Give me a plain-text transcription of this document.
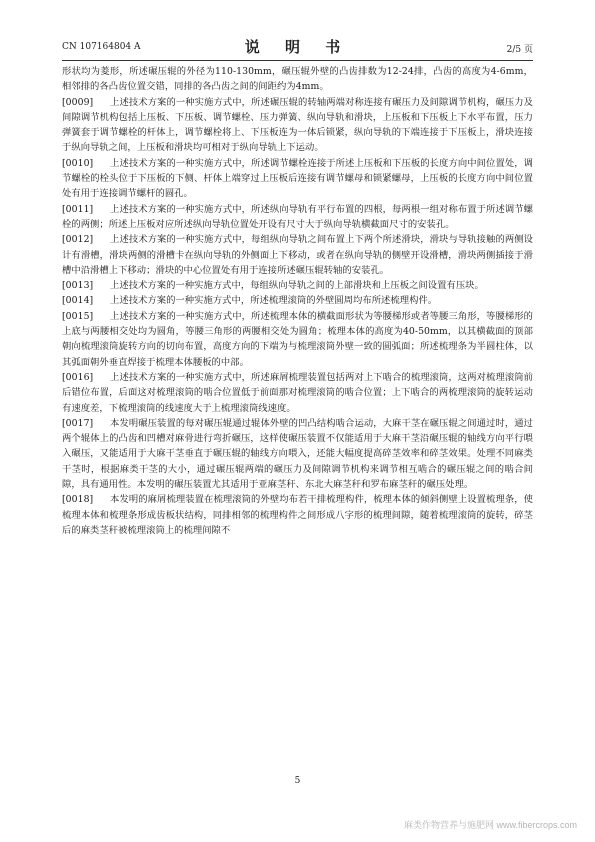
CN 107164804 A	说 明 书	2/5 页

形状均为菱形，所述碾压辊的外径为110-130mm，碾压辊外壁的凸齿排数为12-24排，凸齿的高度为4-6mm，相邻排的各凸齿位置交错，同排的各凸齿之间的间距约为4mm。

[0009] 上述技术方案的一种实施方式中，所述碾压辊的转轴两端对称连接有碾压力及间隙调节机构，碾压力及间隙调节机构包括上压板、下压板、调节螺栓、压力弹簧、纵向导轨和滑块，上压板和下压板上下水平布置，压力弹簧套于调节螺栓的杆体上，调节螺栓将上、下压板连为一体后锁紧，纵向导轨的下端连接于下压板上，滑块连接于纵向导轨之间，上压板和滑块均可相对于纵向导轨上下运动。

[0010] 上述技术方案的一种实施方式中，所述调节螺栓连接于所述上压板和下压板的长度方向中间位置处，调节螺栓的栓头位于下压板的下侧、杆体上端穿过上压板后连接有调节螺母和锁紧螺母，上压板的长度方向中间位置处有用于连接调节螺杆的圆孔。

[0011] 上述技术方案的一种实施方式中，所述纵向导轨有平行布置的四根，每两根一组对称布置于所述调节螺栓的两侧；所述上压板对应所述纵向导轨位置处开设有尺寸大于纵向导轨横截面尺寸的安装孔。

[0012] 上述技术方案的一种实施方式中，每组纵向导轨之间布置上下两个所述滑块，滑块与导轨接触的两侧设计有滑槽，滑块两侧的滑槽卡在纵向导轨的外侧面上下移动，或者在纵向导轨的侧壁开设滑槽，滑块两侧插接于滑槽中沿滑槽上下移动；滑块的中心位置处有用于连接所述碾压辊转轴的安装孔。

[0013] 上述技术方案的一种实施方式中，每组纵向导轨之间的上部滑块和上压板之间设置有压块。

[0014] 上述技术方案的一种实施方式中，所述梳理滚筒的外壁圆周均布所述梳理构件。

[0015] 上述技术方案的一种实施方式中，所述梳理本体的横截面形状为等腰梯形或者等腰三角形，等腰梯形的上底与两腰相交处均为圆角，等腰三角形的两腰相交处为圆角；梳理本体的高度为40-50mm，以其横截面的顶部朝向梳理滚筒旋转方向的切向布置，高度方向的下端为与梳理滚筒外壁一致的圆弧面；所述梳理条为半圆柱体，以其弧面朝外垂直焊接于梳理本体腰板的中部。

[0016] 上述技术方案的一种实施方式中，所述麻屑梳理装置包括两对上下啮合的梳理滚筒，这两对梳理滚筒前后错位布置，后面这对梳理滚筒的啮合位置低于前面那对梳理滚筒的啮合位置；上下啮合的两梳理滚筒的旋转运动有速度差，下梳理滚筒的线速度大于上梳理滚筒线速度。

[0017] 本发明碾压装置的每对碾压辊通过辊体外壁的凹凸结构啮合运动，大麻干茎在碾压辊之间通过时，通过两个辊体上的凸齿和凹槽对麻骨进行弯折碾压，这样使碾压装置不仅能适用于大麻干茎沿碾压辊的轴线方向平行喂入碾压，又能适用于大麻干茎垂直于碾压辊的轴线方向喂入，还能大幅度提高碎茎效率和碎茎效果。处理不同麻类干茎时，根据麻类干茎的大小，通过碾压辊两端的碾压力及间隙调节机构来调节相互啮合的碾压辊之间的啮合间隙，具有通用性。本发明的碾压装置尤其适用于亚麻茎秆、东北大麻茎秆和罗布麻茎秆的碾压处理。

[0018] 本发明的麻屑梳理装置在梳理滚筒的外壁均布若干排梳理构件，梳理本体的倾斜侧壁上设置梳理条，使梳理本体和梳理条形成齿板状结构，同排相邻的梳理构件之间形成八字形的梳理间隙，随着梳理滚筒的旋转，碎茎后的麻类茎秆被梳理滚筒上的梳理间隙不

5
麻类作物营养与施肥网 www.fibercrops.com
